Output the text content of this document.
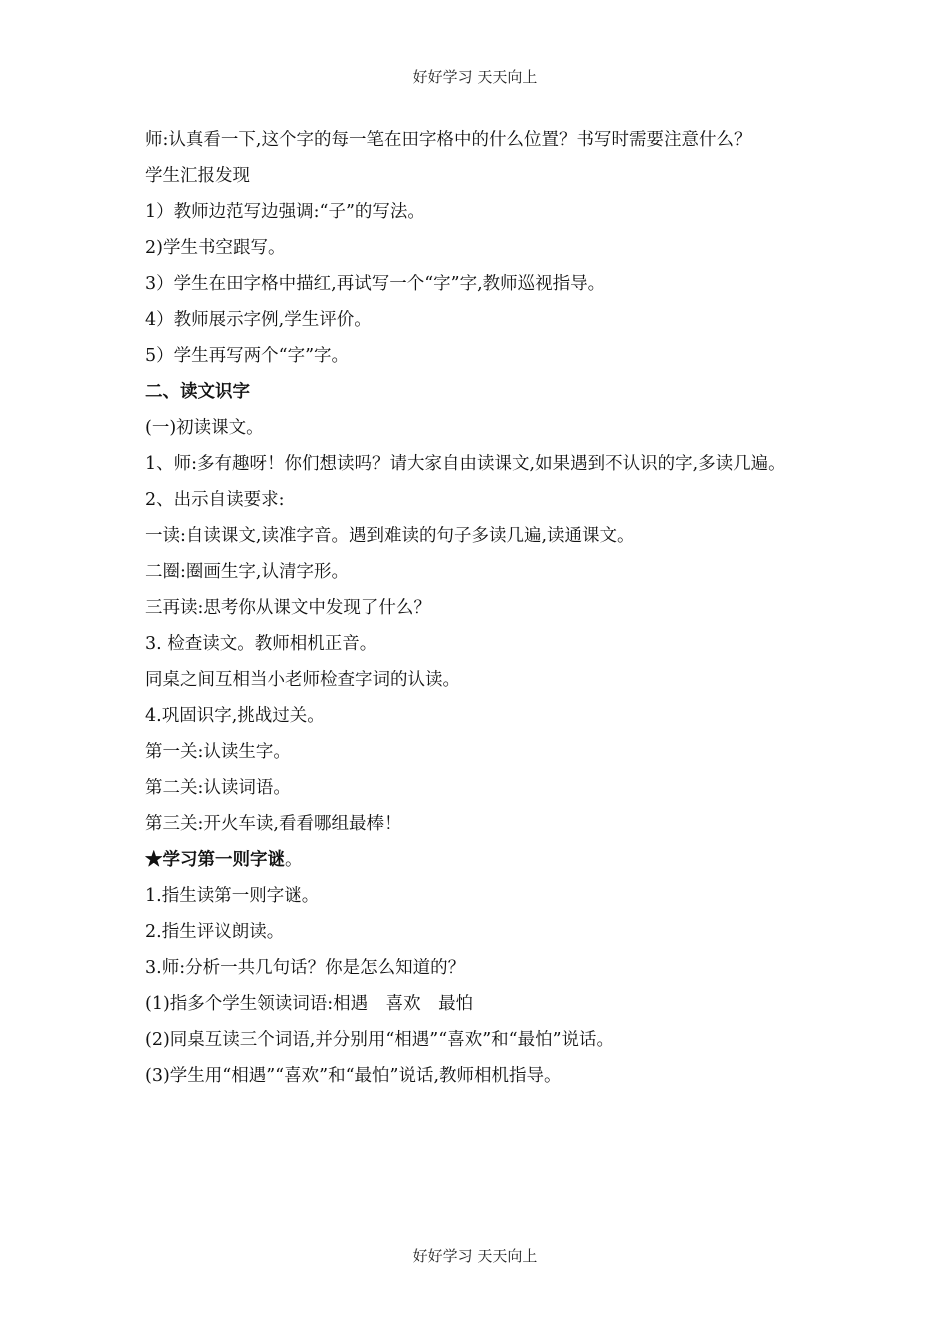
好好学习 天天向上
师:认真看一下,这个字的每一笔在田字格中的什么位置？书写时需要注意什么？
学生汇报发现
1）教师边范写边强调:“子”的写法。
2)学生书空跟写。
3）学生在田字格中描红,再试写一个“字”字,教师巡视指导。
4）教师展示字例,学生评价。
5）学生再写两个“字”字。
二、读文识字
(一)初读课文。
1、师:多有趣呀！你们想读吗？请大家自由读课文,如果遇到不认识的字,多读几遍。
2、出示自读要求:
一读:自读课文,读准字音。遇到难读的句子多读几遍,读通课文。
二圈:圈画生字,认清字形。
三再读:思考你从课文中发现了什么？
3. 检查读文。教师相机正音。
同桌之间互相当小老师检查字词的认读。
4.巩固识字,挑战过关。
第一关:认读生字。
第二关:认读词语。
第三关:开火车读,看看哪组最棒！
★学习第一则字谜。
1.指生读第一则字谜。
2.指生评议朗读。
3.师:分析一共几句话？你是怎么知道的？
(1)指多个学生领读词语:相遇　喜欢　最怕
(2)同桌互读三个词语,并分别用“相遇”“喜欢”和“最怕”说话。
(3)学生用“相遇”“喜欢”和“最怕”说话,教师相机指导。
好好学习 天天向上
